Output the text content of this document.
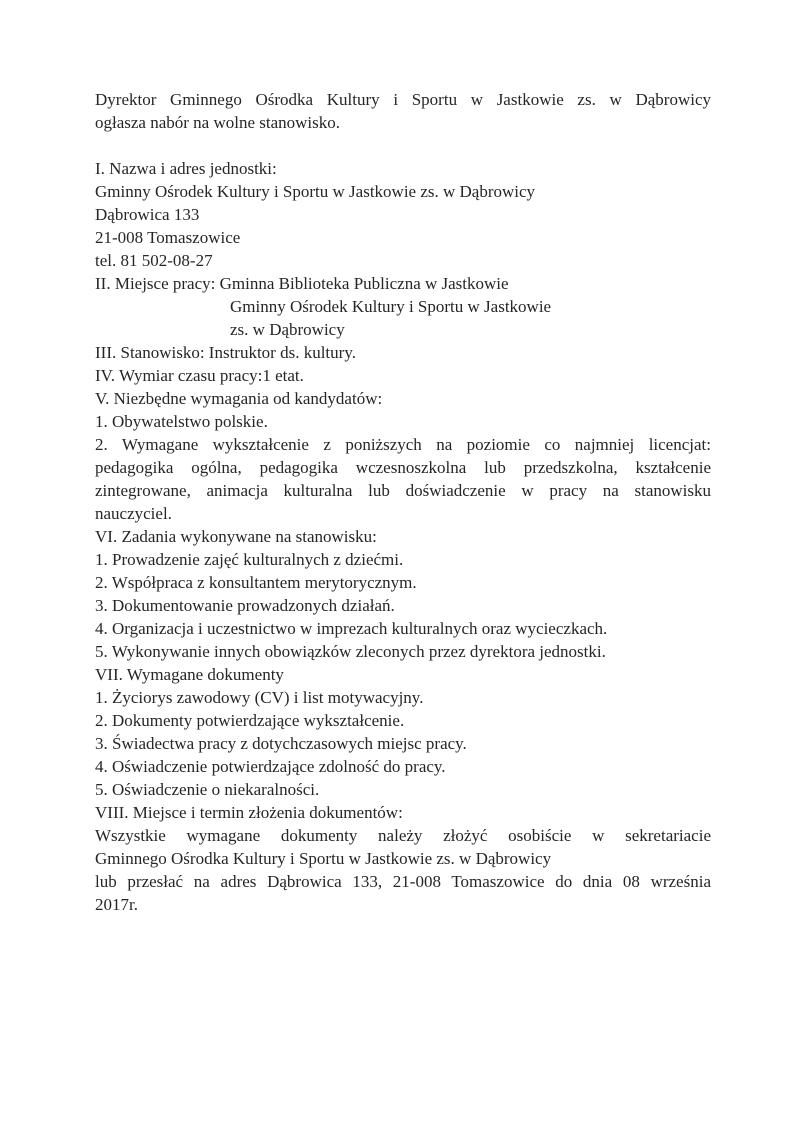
Dyrektor Gminnego Ośrodka Kultury i Sportu w Jastkowie zs. w Dąbrowicy
ogłasza nabór na wolne stanowisko.

I. Nazwa i adres jednostki:
Gminny Ośrodek Kultury i Sportu w Jastkowie zs. w Dąbrowicy
Dąbrowica 133
21-008 Tomaszowice
tel. 81 502-08-27
II. Miejsce pracy: Gminna Biblioteka Publiczna w Jastkowie
Gminny Ośrodek Kultury i Sportu w Jastkowie
zs. w Dąbrowicy
III. Stanowisko: Instruktor ds. kultury.
IV. Wymiar czasu pracy:1 etat.
V. Niezbędne wymagania od kandydatów:
1. Obywatelstwo polskie.
2. Wymagane wykształcenie z poniższych na poziomie co najmniej licencjat:
pedagogika ogólna, pedagogika wczesnoszkolna lub przedszkolna, kształcenie
zintegrowane, animacja kulturalna lub doświadczenie w pracy na stanowisku
nauczyciel.
VI. Zadania wykonywane na stanowisku:
1. Prowadzenie zajęć kulturalnych z dziećmi.
2. Współpraca z konsultantem merytorycznym.
3. Dokumentowanie prowadzonych działań.
4. Organizacja i uczestnictwo w imprezach kulturalnych oraz wycieczkach.
5. Wykonywanie innych obowiązków zleconych przez dyrektora jednostki.
VII. Wymagane dokumenty
1. Życiorys zawodowy (CV) i list motywacyjny.
2. Dokumenty potwierdzające wykształcenie.
3. Świadectwa pracy z dotychczasowych miejsc pracy.
4. Oświadczenie potwierdzające zdolność do pracy.
5. Oświadczenie o niekaralności.
VIII. Miejsce i termin złożenia dokumentów:
Wszystkie wymagane dokumenty należy złożyć osobiście w sekretariacie
Gminnego Ośrodka Kultury i Sportu w Jastkowie zs. w Dąbrowicy
lub przesłać na adres Dąbrowica 133, 21-008 Tomaszowice do dnia 08 września
2017r.
